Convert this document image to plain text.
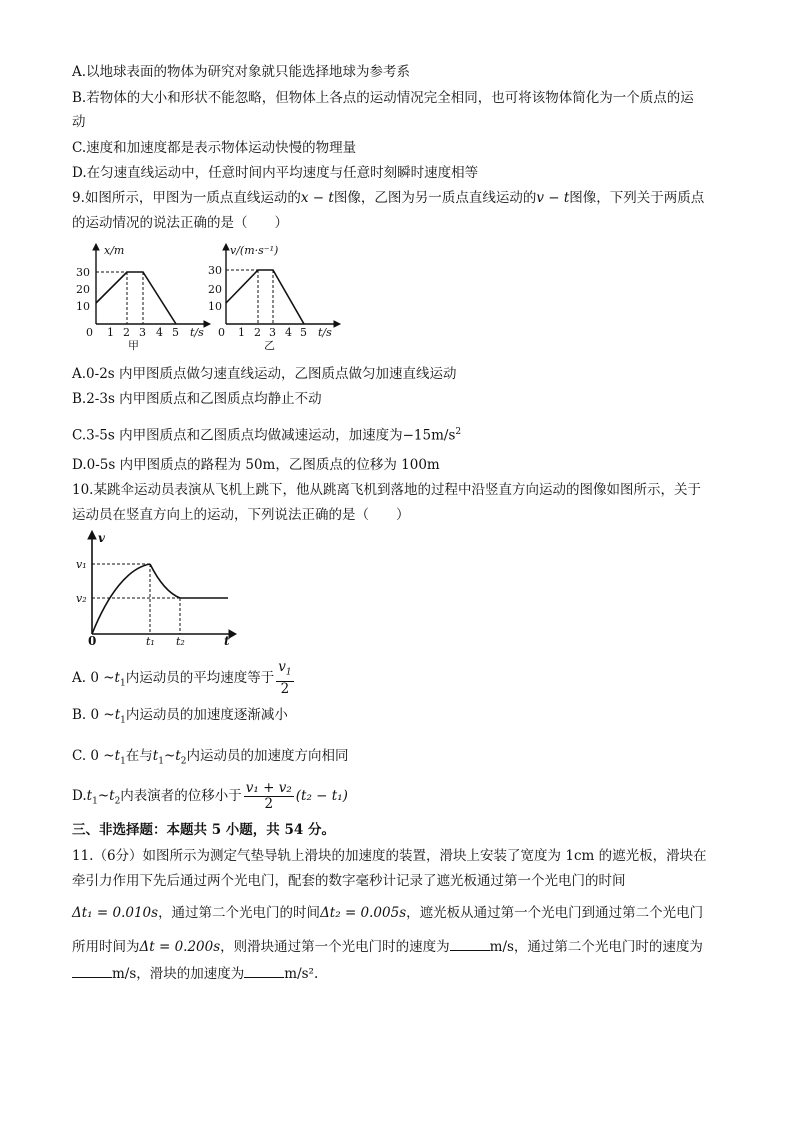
A.以地球表面的物体为研究对象就只能选择地球为参考系
B.若物体的大小和形状不能忽略，但物体上各点的运动情况完全相同，也可将该物体简化为一个质点的运
动
C.速度和加速度都是表示物体运动快慢的物理量
D.在匀速直线运动中，任意时间内平均速度与任意时刻瞬时速度相等
9.如图所示，甲图为一质点直线运动的x − t图像，乙图为另一质点直线运动的v − t图像，下列关于两质点
的运动情况的说法正确的是（　　）
x/m
30
20
10
0 1 2 3 4 5 t/s
甲
v/(m·s⁻¹)
30
20
10
0 1 2 3 4 5 t/s
乙
A.0-2s 内甲图质点做匀速直线运动，乙图质点做匀加速直线运动
B.2-3s 内甲图质点和乙图质点均静止不动
C.3-5s 内甲图质点和乙图质点均做减速运动，加速度为$-15m/s^2$
D.0-5s 内甲图质点的路程为 50m，乙图质点的位移为 100m
10.某跳伞运动员表演从飞机上跳下，他从跳离飞机到落地的过程中沿竖直方向运动的图像如图所示，关于
运动员在竖直方向上的运动，下列说法正确的是（　　）
v
v₁
v₂
0	t₁ t₂	t
A. 0 $\sim t_1$内运动员的平均速度等于 $\frac{v_1}{2}$
B. 0 $\sim t_1$内运动员的加速度逐渐减小
C. 0 $\sim t_1$在与$t_1\sim t_2$内运动员的加速度方向相同
$D.t_1\sim t_2$内表演者的位移小于 $\frac{\text{v₁ + v₂}}{2} (t_2 - t_1)$
三、非选择题：本题共 5 小题，共 54 分。
11.（6分）如图所示为测定气垫导轨上滑块的加速度的装置，滑块上安装了宽度为 1cm 的遮光板，滑块在
牵引力作用下先后通过两个光电门，配套的数字毫秒计记录了遮光板通过第一个光电门的时间
Δt₁ = 0.010s，通过第二个光电门的时间Δt₂ = 0.005s，遮光板从通过第一个光电门到通过第二个光电门
所用时间为Δt = 0.200s，则滑块通过第一个光电门时的速度为	m/s，通过第二个光电门时的速度为
m/s，滑块的加速度为	m/s².
